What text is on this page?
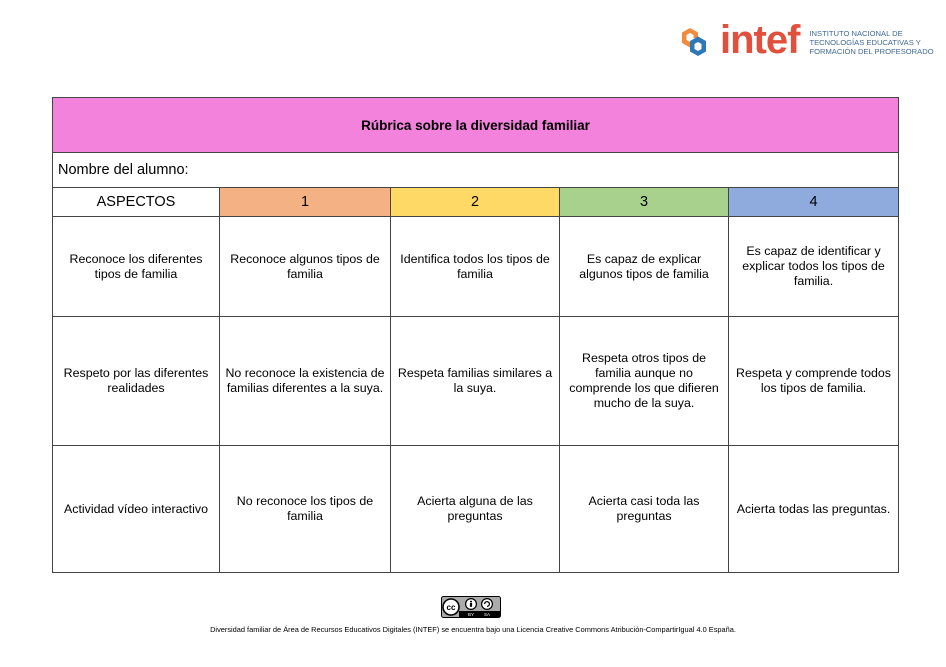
intef INSTITUTO NACIONAL DE
TECNOLOGÍAS EDUCATIVAS Y
FORMACIÓN DEL PROFESORADO
Rúbrica sobre la diversidad familiar				
Nombre del alumno:				
ASPECTOS	1	2	3	4
Reconoce los diferentes tipos de familia	Reconoce algunos tipos de familia	Identifica todos los tipos de familia	Es capaz de explicar algunos tipos de familia	Es capaz de identificar y explicar todos los tipos de familia.
Respeto por las diferentes realidades	No reconoce la existencia de familias diferentes a la suya.	Respeta familias similares a la suya.	Respeta otros tipos de familia aunque no comprende los que difieren mucho de la suya.	Respeta y comprende todos los tipos de familia.
Actividad vídeo interactivo	No reconoce los tipos de familia	Acierta alguna de las preguntas	Acierta casi toda las preguntas	Acierta todas las preguntas.
cc
BY SA
Diversidad familiar de Área de Recursos Educativos Digitales (INTEF) se encuentra bajo una Licencia Creative Commons Atribución-CompartirIgual 4.0 España.
